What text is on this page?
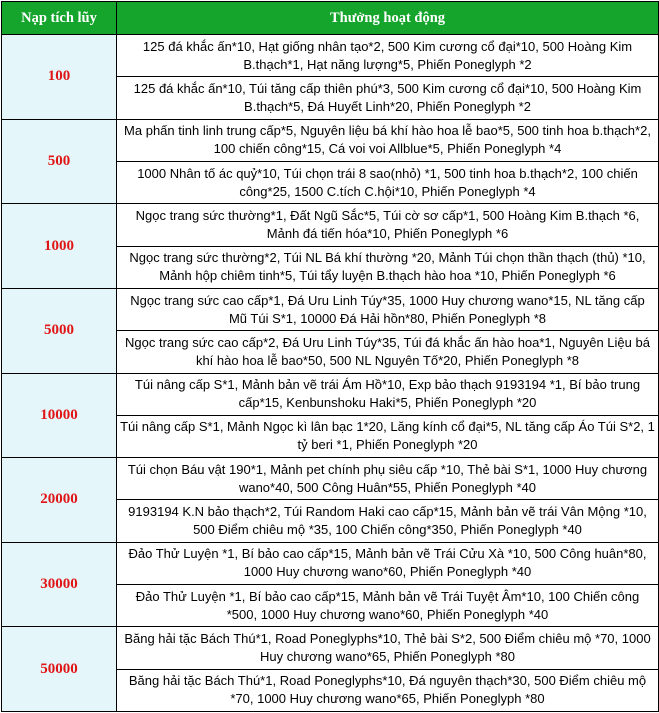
Nạp tích lũy	Thưởng hoạt động
100	125 đá khắc ấn*10, Hạt giống nhân tạo*2, 500 Kim cương cổ đại*10, 500 Hoàng Kim B.thạch*1, Hạt năng lượng*5, Phiến Poneglyph *2
	125 đá khắc ấn*10, Túi tăng cấp thiên phú*3, 500 Kim cương cổ đại*10, 500 Hoàng Kim B.thạch*5, Đá Huyết Linh*20, Phiến Poneglyph *2
500	Ma phấn tinh linh trung cấp*5, Nguyên liệu bá khí hào hoa lễ bao*5, 500 tinh hoa b.thạch*2, 100 chiến công*15, Cá voi voi Allblue*5, Phiến Poneglyph *4
	1000 Nhân tố ác quỷ*10, Túi chọn trái 8 sao(nhỏ) *1, 500 tinh hoa b.thạch*2, 100 chiến công*25, 1500 C.tích C.hội*10, Phiến Poneglyph *4
1000	Ngọc trang sức thường*1, Đất Ngũ Sắc*5, Túi cờ sơ cấp*1, 500 Hoàng Kim B.thạch *6, Mảnh đá tiến hóa*10, Phiến Poneglyph *6
	Ngọc trang sức thường*2, Túi NL Bá khí thường *20, Mảnh Túi chọn thần thạch (thủ) *10, Mảnh hộp chiêm tinh*5, Túi tẩy luyện B.thạch hào hoa *10, Phiến Poneglyph *6
5000	Ngọc trang sức cao cấp*1, Đá Uru Linh Túy*35, 1000 Huy chương wano*15, NL tăng cấp Mũ Túi S*1, 10000 Đá Hải hồn*80, Phiến Poneglyph *8
	Ngọc trang sức cao cấp*2, Đá Uru Linh Túy*35, Túi đá khắc ấn hào hoa*1, Nguyên Liệu bá khí hào hoa lễ bao*50, 500 NL Nguyên Tố*20, Phiến Poneglyph *8
10000	Túi nâng cấp S*1, Mảnh bản vẽ trái Ám Hồ*10, Exp bảo thạch 9193194 *1, Bí bảo trung cấp*15, Kenbunshoku Haki*5, Phiến Poneglyph *20
	Túi nâng cấp S*1, Mảnh Ngọc kì lân bạc 1*20, Lăng kính cổ đại*5, NL tăng cấp Áo Túi S*2, 1 tỷ beri *1, Phiến Poneglyph *20
20000	Túi chọn Báu vật 190*1, Mảnh pet chính phụ siêu cấp *10, Thẻ bài S*1, 1000 Huy chương wano*40, 500 Công Huân*55, Phiến Poneglyph *40
	9193194 K.N bảo thạch*2, Túi Random Haki cao cấp*15, Mảnh bản vẽ trái Vân Mộng *10, 500 Điểm chiêu mộ *35, 100 Chiến công*350, Phiến Poneglyph *40
30000	Đảo Thử Luyện *1, Bí bảo cao cấp*15, Mảnh bản vẽ Trái Cửu Xà *10, 500 Công huân*80, 1000 Huy chương wano*60, Phiến Poneglyph *40
	Đảo Thử Luyện *1, Bí bảo cao cấp*15, Mảnh bản vẽ Trái Tuyệt Âm*10, 100 Chiến công *500, 1000 Huy chương wano*60, Phiến Poneglyph *40
50000	Băng hải tặc Bách Thú*1, Road Poneglyphs*10, Thẻ bài S*2, 500 Điểm chiêu mộ *70, 1000 Huy chương wano*65, Phiến Poneglyph *80
	Băng hải tặc Bách Thú*1, Road Poneglyphs*10, Đá nguyên thạch*30, 500 Điểm chiêu mộ *70, 1000 Huy chương wano*65, Phiến Poneglyph *80
